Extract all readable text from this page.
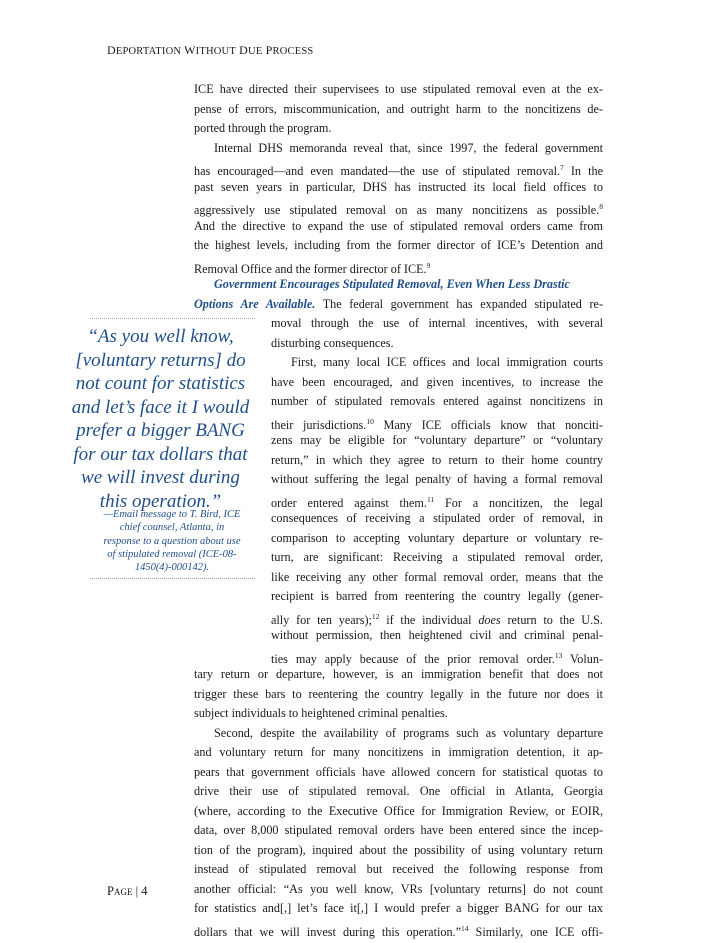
DEPORTATION WITHOUT DUE PROCESS
“As you well know,
[voluntary returns] do
not count for statistics
and let’s face it I would
prefer a bigger BANG
for our tax dollars that
we will invest during
this operation.”
—Email message to T. Bird, ICE
chief counsel, Atlanta, in
response to a question about use
of stipulated removal (ICE-08-
1450(4)-000142).
ICE have directed their supervisees to use stipulated removal even at the ex-
pense of errors, miscommunication, and outright harm to the noncitizens de-
ported through the program.
Internal DHS memoranda reveal that, since 1997, the federal government
has encouraged—and even mandated—the use of stipulated removal.$^7$ In the
past seven years in particular, DHS has instructed its local field offices to
aggressively use stipulated removal on as many noncitizens as possible.$^8$
And the directive to expand the use of stipulated removal orders came from
the highest levels, including from the former director of ICE’s Detention and
Removal Office and the former director of ICE.$^9$
Government Encourages Stipulated Removal, Even When Less Drastic
Options Are Available. The federal government has expanded stipulated re-
moval through the use of internal incentives, with several
disturbing consequences.
First, many local ICE offices and local immigration courts
have been encouraged, and given incentives, to increase the
number of stipulated removals entered against noncitizens in
their jurisdictions.$^{10}$ Many ICE officials know that nonciti-
zens may be eligible for “voluntary departure” or “voluntary
return,” in which they agree to return to their home country
without suffering the legal penalty of having a formal removal
order entered against them.$^{11}$ For a noncitizen, the legal
consequences of receiving a stipulated order of removal, in
comparison to accepting voluntary departure or voluntary re-
turn, are significant: Receiving a stipulated removal order,
like receiving any other formal removal order, means that the
recipient is barred from reentering the country legally (gener-
ally for ten years);$^{12}$ if the individual does return to the U.S.
without permission, then heightened civil and criminal penal-
ties may apply because of the prior removal order.$^{13}$ Volun-
tary return or departure, however, is an immigration benefit that does not
trigger these bars to reentering the country legally in the future nor does it
subject individuals to heightened criminal penalties.
Second, despite the availability of programs such as voluntary departure
and voluntary return for many noncitizens in immigration detention, it ap-
pears that government officials have allowed concern for statistical quotas to
drive their use of stipulated removal. One official in Atlanta, Georgia
(where, according to the Executive Office for Immigration Review, or EOIR,
data, over 8,000 stipulated removal orders have been entered since the incep-
tion of the program), inquired about the possibility of using voluntary return
instead of stipulated removal but received the following response from
another official: “As you well know, VRs [voluntary returns] do not count
for statistics and[,] let’s face it[,] I would prefer a bigger BANG for our tax
dollars that we will invest during this operation.”$^{14}$ Similarly, one ICE offi-
Page | 4
